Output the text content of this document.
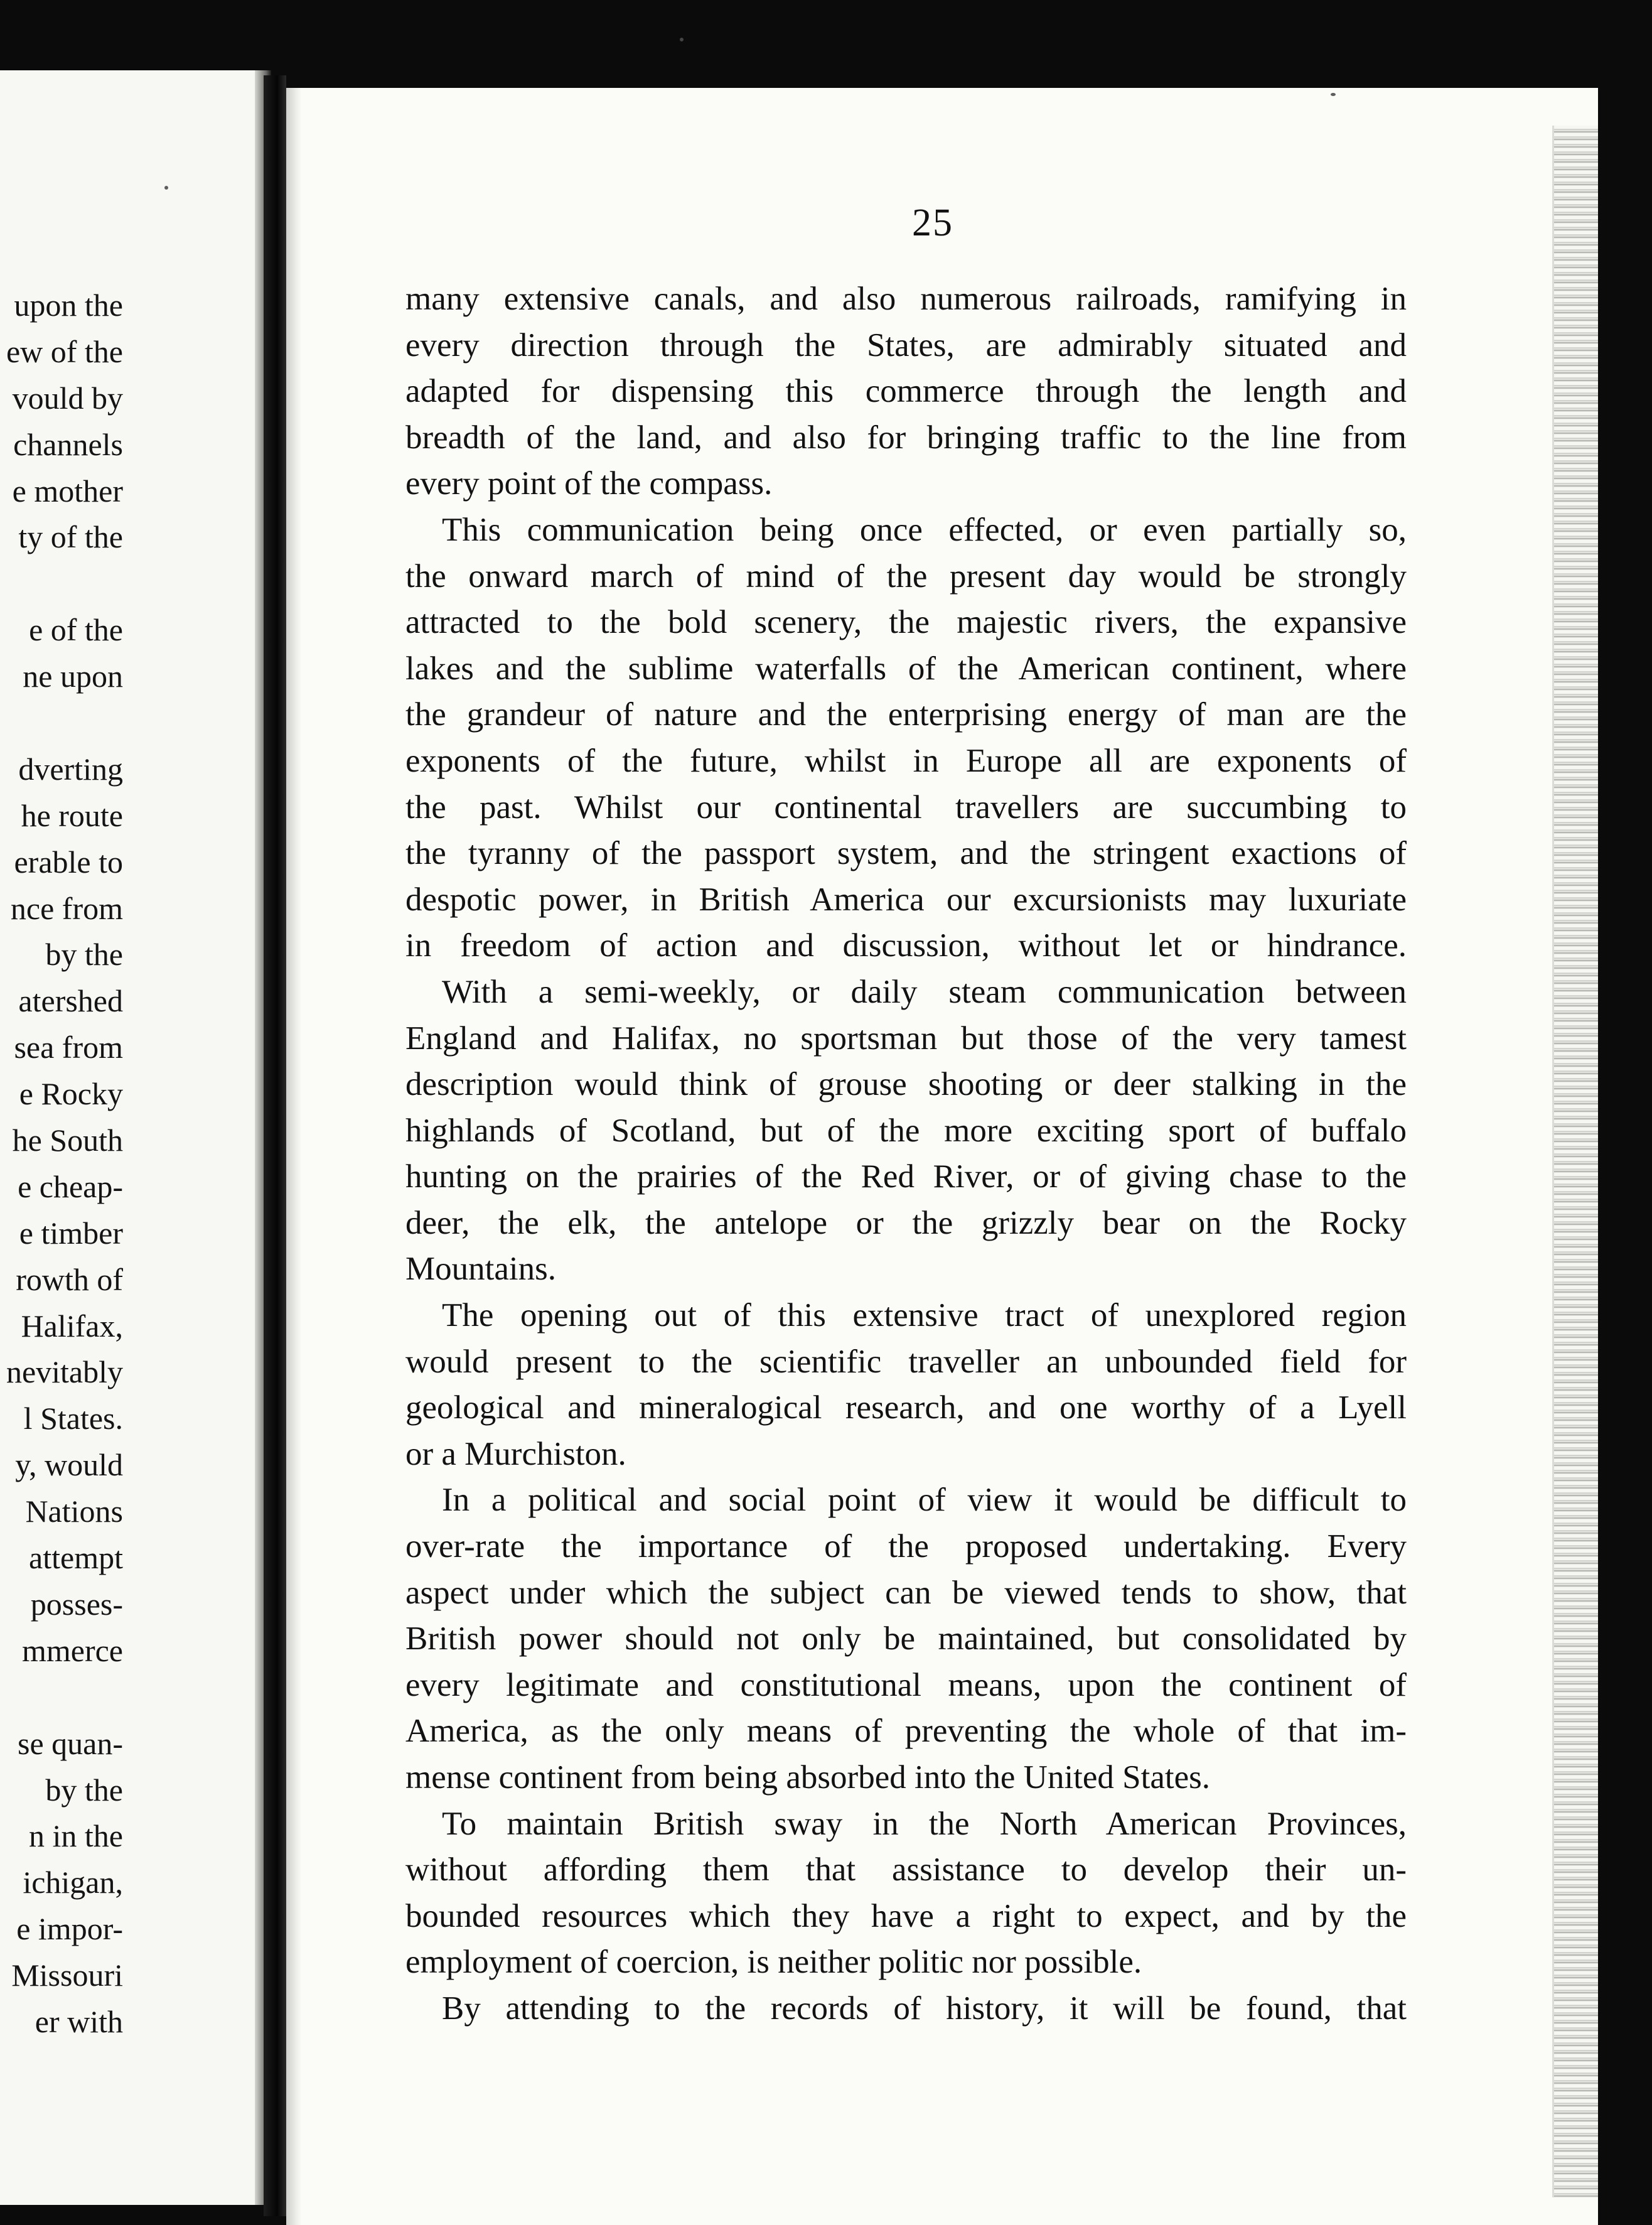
upon the
ew of the
vould by
channels
e mother
ty of the
e of the
ne upon
dverting
he route
erable to
nce from
by the
atershed
sea from
e Rocky
he South
e cheap-
e timber
rowth of
Halifax,
nevitably
l States.
y, would
Nations
attempt
posses-
mmerce
se quan-
by the
n in the
ichigan,
e impor-
Missouri
er with

25

many extensive canals, and also numerous railroads, ramifying in
every direction through the States, are admirably situated and
adapted for dispensing this commerce through the length and
breadth of the land, and also for bringing traffic to the line from
every point of the compass.

This communication being once effected, or even partially so,
the onward march of mind of the present day would be strongly
attracted to the bold scenery, the majestic rivers, the expansive
lakes and the sublime waterfalls of the American continent, where
the grandeur of nature and the enterprising energy of man are the
exponents of the future, whilst in Europe all are exponents of
the past. Whilst our continental travellers are succumbing to
the tyranny of the passport system, and the stringent exactions of
despotic power, in British America our excursionists may luxuriate
in freedom of action and discussion, without let or hindrance.

With a semi-weekly, or daily steam communication between
England and Halifax, no sportsman but those of the very tamest
description would think of grouse shooting or deer stalking in the
highlands of Scotland, but of the more exciting sport of buffalo
hunting on the prairies of the Red River, or of giving chase to the
deer, the elk, the antelope or the grizzly bear on the Rocky
Mountains.

The opening out of this extensive tract of unexplored region
would present to the scientific traveller an unbounded field for
geological and mineralogical research, and one worthy of a Lyell
or a Murchiston.

In a political and social point of view it would be difficult to
over-rate the importance of the proposed undertaking. Every
aspect under which the subject can be viewed tends to show, that
British power should not only be maintained, but consolidated by
every legitimate and constitutional means, upon the continent of
America, as the only means of preventing the whole of that im-
mense continent from being absorbed into the United States.

To maintain British sway in the North American Provinces,
without affording them that assistance to develop their un-
bounded resources which they have a right to expect, and by the
employment of coercion, is neither politic nor possible.

By attending to the records of history, it will be found, that
